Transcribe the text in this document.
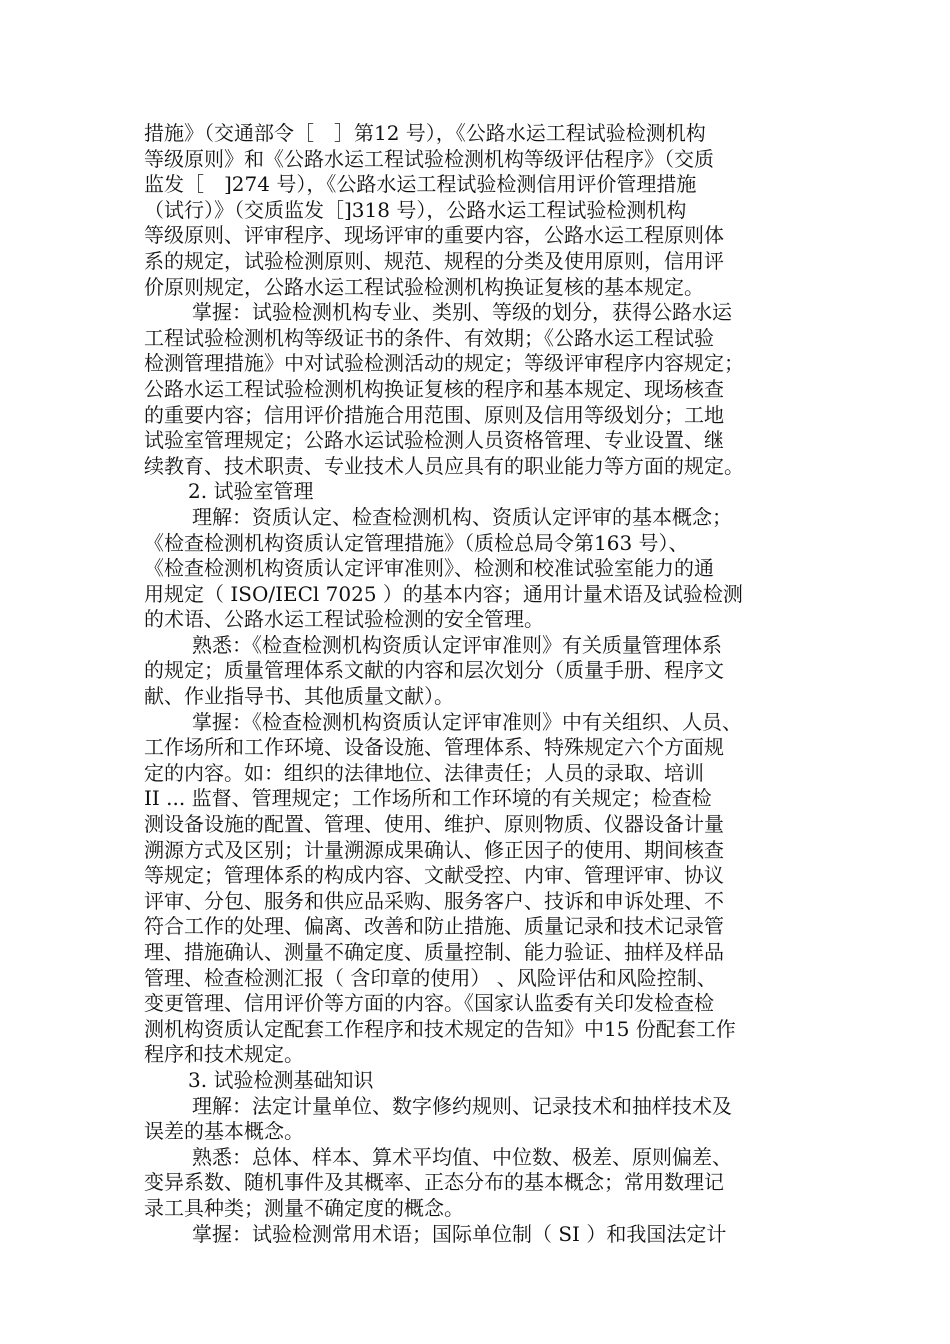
措施》（交通部令［　］第12 号），《公路水运工程试验检测机构
等级原则》和《公路水运工程试验检测机构等级评估程序》（交质
监发［　]274 号），《公路水运工程试验检测信用评价管理措施
（试行）》（交质监发［]318 号），公路水运工程试验检测机构
等级原则、评审程序、现场评审的重要内容，公路水运工程原则体
系的规定，试验检测原则、规范、规程的分类及使用原则，信用评
价原则规定，公路水运工程试验检测机构换证复核的基本规定。
掌握：试验检测机构专业、类别、等级的划分，获得公路水运
工程试验检测机构等级证书的条件、有效期；《公路水运工程试验
检测管理措施》中对试验检测活动的规定；等级评审程序内容规定；
公路水运工程试验检测机构换证复核的程序和基本规定、现场核查
的重要内容；信用评价措施合用范围、原则及信用等级划分；工地
试验室管理规定；公路水运试验检测人员资格管理、专业设置、继
续教育、技术职责、专业技术人员应具有的职业能力等方面的规定。
2. 试验室管理
理解：资质认定、检查检测机构、资质认定评审的基本概念；
《检查检测机构资质认定管理措施》（质检总局令第163 号）、
《检查检测机构资质认定评审准则》、检测和校准试验室能力的通
用规定（ ISO/IECl 7025 ）的基本内容；通用计量术语及试验检测
的术语、公路水运工程试验检测的安全管理。
熟悉：《检查检测机构资质认定评审准则》有关质量管理体系
的规定；质量管理体系文献的内容和层次划分（质量手册、程序文
献、作业指导书、其他质量文献）。
掌握：《检查检测机构资质认定评审准则》中有关组织、人员、
工作场所和工作环境、设备设施、管理体系、特殊规定六个方面规
定的内容。如：组织的法律地位、法律责任；人员的录取、培训
II ... 监督、管理规定；工作场所和工作环境的有关规定；检查检
测设备设施的配置、管理、使用、维护、原则物质、仪器设备计量
溯源方式及区别；计量溯源成果确认、修正因子的使用、期间核查
等规定；管理体系的构成内容、文献受控、内审、管理评审、协议
评审、分包、服务和供应品采购、服务客户、技诉和申诉处理、不
符合工作的处理、偏离、改善和防止措施、质量记录和技术记录管
理、措施确认、测量不确定度、质量控制、能力验证、抽样及样品
管理、检查检测汇报（ 含印章的使用） 、风险评估和风险控制、
变更管理、信用评价等方面的内容。《国家认监委有关印发检查检
测机构资质认定配套工作程序和技术规定的告知》中15 份配套工作
程序和技术规定。
3. 试验检测基础知识
理解：法定计量单位、数字修约规则、记录技术和抽样技术及
误差的基本概念。
熟悉：总体、样本、算术平均值、中位数、极差、原则偏差、
变异系数、随机事件及其概率、正态分布的基本概念；常用数理记
录工具种类；测量不确定度的概念。
掌握：试验检测常用术语；国际单位制（ SI ）和我国法定计
